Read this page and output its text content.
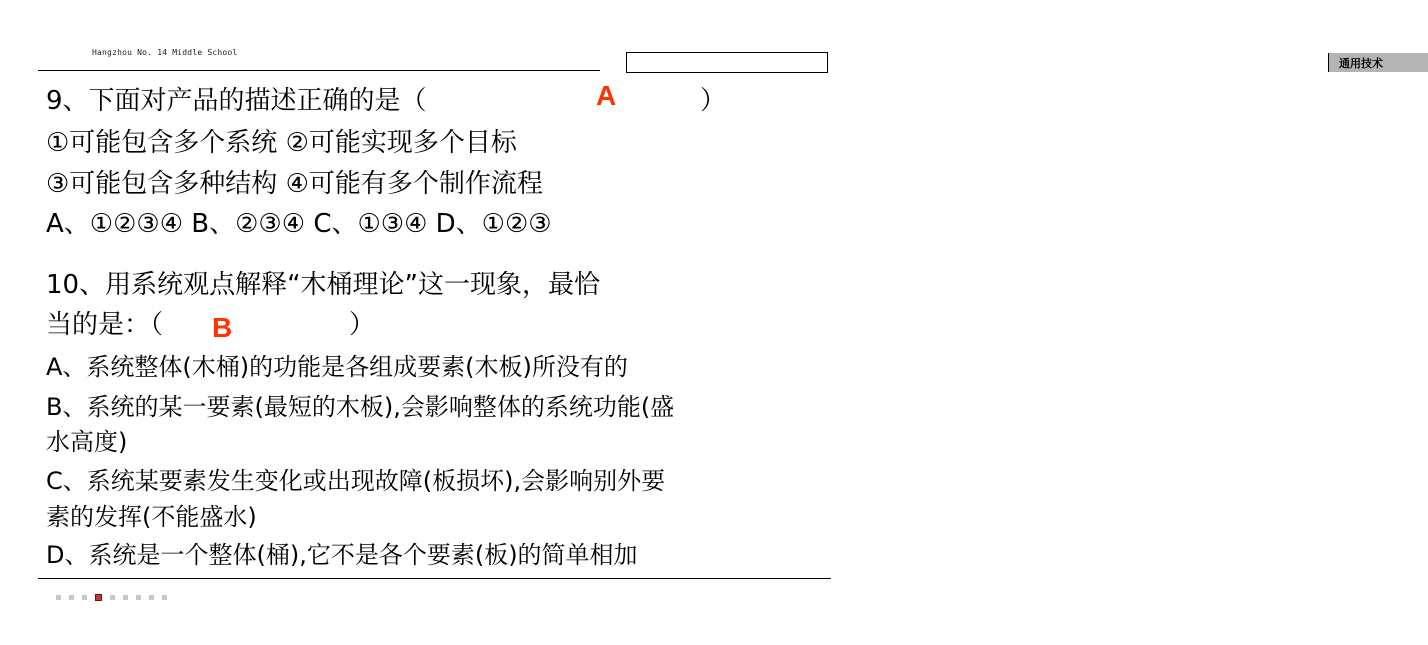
Hangzhou No. 14 Middle School
通用技术
9、下面对产品的描述正确的是（	）
A
①可能包含多个系统 ②可能实现多个目标
③可能包含多种结构 ④可能有多个制作流程
A、①②③④ B、②③④ C、①③④ D、①②③
10、用系统观点解释“木桶理论”这一现象，最恰
当的是：（	）
B
A、系统整体(木桶)的功能是各组成要素(木板)所没有的
B、系统的某一要素(最短的木板),会影响整体的系统功能(盛
水高度)
C、系统某要素发生变化或出现故障(板损坏),会影响别外要
素的发挥(不能盛水)
D、系统是一个整体(桶),它不是各个要素(板)的简单相加
